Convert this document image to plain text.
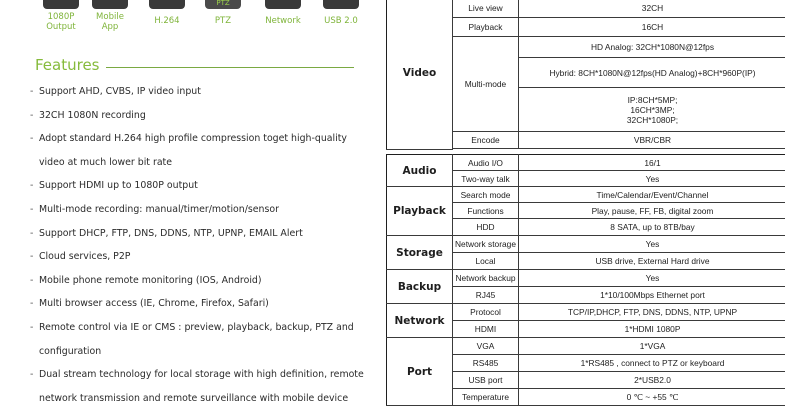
1080P
Output
Mobile
App
H.264
PTZ
PTZ	Network	USB 2.0
Features
- Support AHD, CVBS, IP video input
- 32CH 1080N recording
- Adopt standard H.264 high profile compression toget high-quality
video at much lower bit rate
- Support HDMI up to 1080P output
- Multi-mode recording: manual/timer/motion/sensor
- Support DHCP, FTP, DNS, DDNS, NTP, UPNP, EMAIL Alert
- Cloud services, P2P
- Mobile phone remote monitoring (IOS, Android)
- Multi browser access (IE, Chrome, Firefox, Safari)
- Remote control via IE or CMS : preview, playback, backup, PTZ and
configuration
- Dual stream technology for local storage with high definition, remote
network transmission and remote surveillance with mobile device
Video	Live view	32CH
	Playback	16CH
	Multi-mode	HD Analog: 32CH*1080N@12fps
		Hybrid: 8CH*1080N@12fps(HD Analog)+8CH*960P(IP)
		IP:8CH*5MP;
16CH*3MP;
32CH*1080P;
	Encode	VBR/CBR

Audio	Audio I/O	16/1
	Two-way talk	Yes
Playback	Search mode	Time/Calendar/Event/Channel
	Functions	Play, pause, FF, FB, digital zoom
	HDD	8 SATA, up to 8TB/bay
Storage	Network storage	Yes
	Local	USB drive, External Hard drive
Backup	Network backup	Yes
	RJ45	1*10/100Mbps Ethernet port
Network	Protocol	TCP/IP,DHCP, FTP, DNS, DDNS, NTP, UPNP
	HDMI	1*HDMI 1080P
Port	VGA	1*VGA
	RS485	1*RS485 , connect to PTZ or keyboard
	USB port	2*USB2.0
	Temperature	0 ℃ ~ +55 ℃
